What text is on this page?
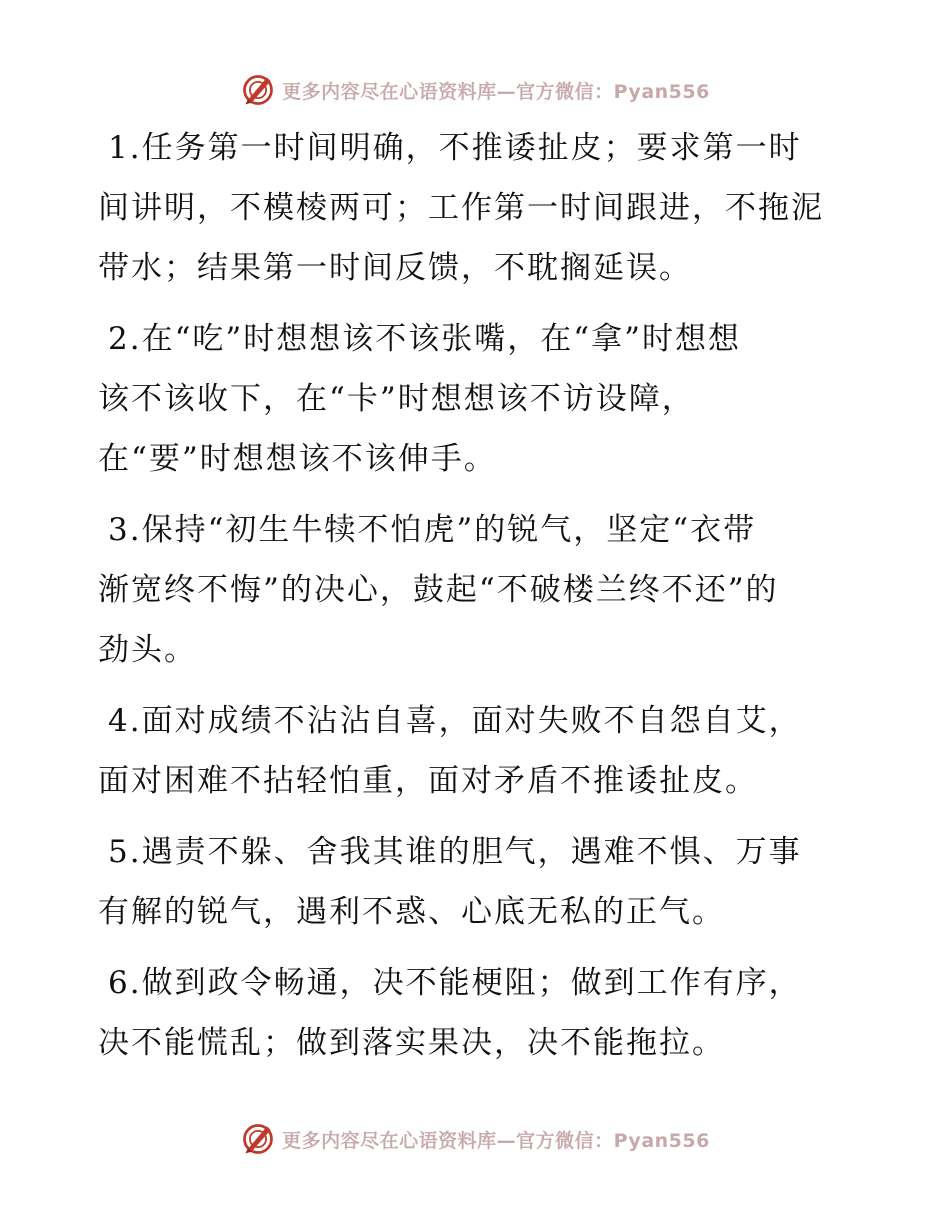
更多内容尽在心语资料库—官方微信：Pyan556
1.任务第一时间明确，不推诿扯皮；要求第一时
间讲明，不模棱两可；工作第一时间跟进，不拖泥
带水；结果第一时间反馈，不耽搁延误。
2.在“吃”时想想该不该张嘴，在“拿”时想想
该不该收下，在“卡”时想想该不访设障，
在“要”时想想该不该伸手。
3.保持“初生牛犊不怕虎”的锐气，坚定“衣带
渐宽终不悔”的决心，鼓起“不破楼兰终不还”的
劲头。
4.面对成绩不沾沾自喜，面对失败不自怨自艾，
面对困难不拈轻怕重，面对矛盾不推诿扯皮。
5.遇责不躲、舍我其谁的胆气，遇难不惧、万事
有解的锐气，遇利不惑、心底无私的正气。
6.做到政令畅通，决不能梗阻；做到工作有序，
决不能慌乱；做到落实果决，决不能拖拉。
更多内容尽在心语资料库—官方微信：Pyan556
